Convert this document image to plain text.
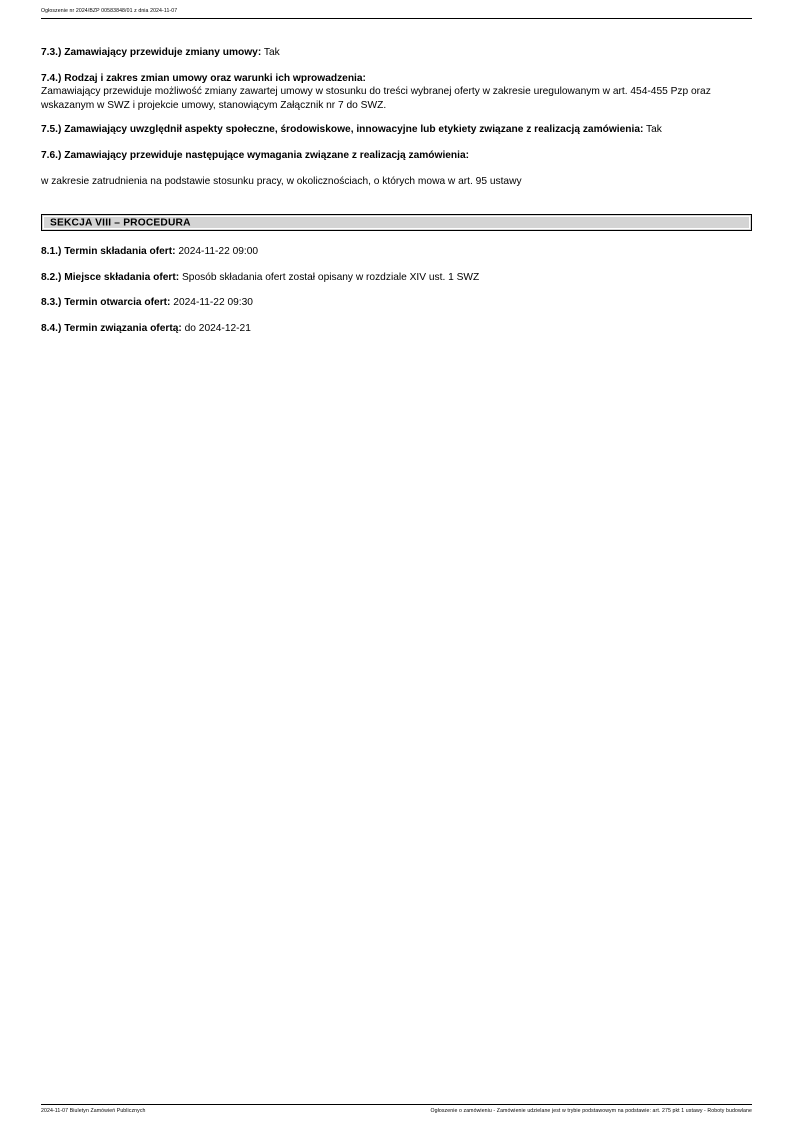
Ogłoszenie nr 2024/BZP 00583848/01 z dnia 2024-11-07

7.3.) Zamawiający przewiduje zmiany umowy: Tak

7.4.) Rodzaj i zakres zmian umowy oraz warunki ich wprowadzenia:
Zamawiający przewiduje możliwość zmiany zawartej umowy w stosunku do treści wybranej oferty w zakresie uregulowanym w art. 454-455 Pzp oraz wskazanym w SWZ i projekcie umowy, stanowiącym Załącznik nr 7 do SWZ.

7.5.) Zamawiający uwzględnił aspekty społeczne, środowiskowe, innowacyjne lub etykiety związane z realizacją zamówienia: Tak

7.6.) Zamawiający przewiduje następujące wymagania związane z realizacją zamówienia:

w zakresie zatrudnienia na podstawie stosunku pracy, w okolicznościach, o których mowa w art. 95 ustawy

SEKCJA VIII – PROCEDURA

8.1.) Termin składania ofert: 2024-11-22 09:00

8.2.) Miejsce składania ofert: Sposób składania ofert został opisany w rozdziale XIV ust. 1 SWZ

8.3.) Termin otwarcia ofert: 2024-11-22 09:30

8.4.) Termin związania ofertą: do 2024-12-21

2024-11-07 Biuletyn Zamówień Publicznych	Ogłoszenie o zamówieniu - Zamówienie udzielane jest w trybie podstawowym na podstawie: art. 275 pkt 1 ustawy - Roboty budowlane
